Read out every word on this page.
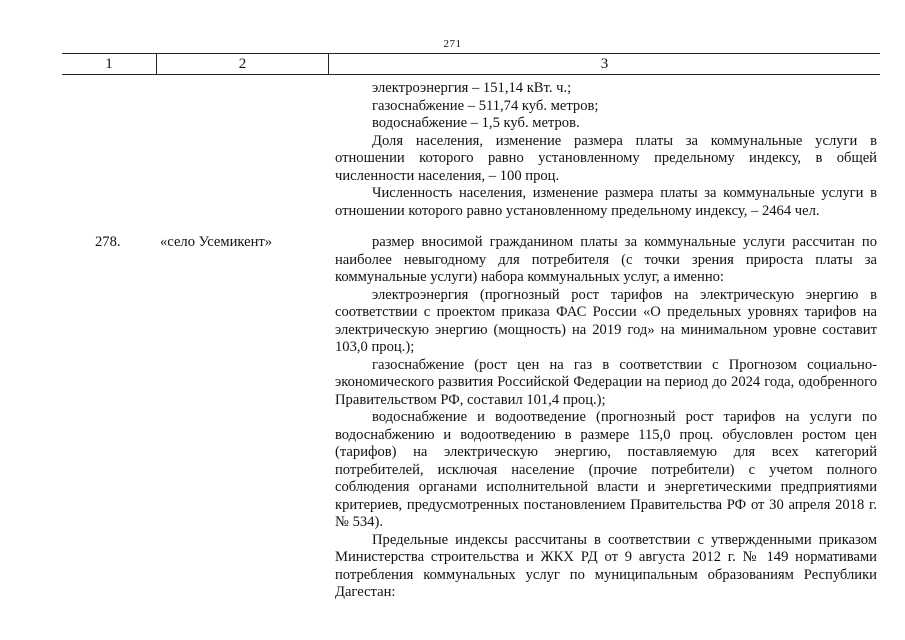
271
1	2	3

электроэнергия – 151,14 кВт. ч.;

газоснабжение – 511,74 куб. метров;

водоснабжение – 1,5 куб. метров.

Доля населения, изменение размера платы за коммунальные услуги в отношении которого равно установленному предельному индексу, в общей численности населения, – 100 проц.

Численность населения, изменение размера платы за коммунальные услуги в отношении которого равно установленному предельному индексу, – 2464 чел.

278.	«село Усемикент»	размер вносимой гражданином платы за коммунальные услуги рассчитан по наиболее невыгодному для потребителя (с точки зрения прироста платы за коммунальные услуги) набора коммунальных услуг, а именно:

электроэнергия (прогнозный рост тарифов на электрическую энергию в соответствии с проектом приказа ФАС России «О предельных уровнях тарифов на электрическую энергию (мощность) на 2019 год» на минимальном уровне составит 103,0 проц.);

газоснабжение (рост цен на газ в соответствии с Прогнозом социально-экономического развития Российской Федерации на период до 2024 года, одобренного Правительством РФ, составил 101,4 проц.);

водоснабжение и водоотведение (прогнозный рост тарифов на услуги по водоснабжению и водоотведению в размере 115,0 проц. обусловлен ростом цен (тарифов) на электрическую энергию, поставляемую для всех категорий потребителей, исключая население (прочие потребители) с учетом полного соблюдения органами исполнительной власти и энергетическими предприятиями критериев, предусмотренных постановлением Правительства РФ от 30 апреля 2018 г. № 534).

Предельные индексы рассчитаны в соответствии с утвержденными приказом Министерства строительства и ЖКХ РД от 9 августа 2012 г. № 149 нормативами потребления коммунальных услуг по муниципальным образованиям Республики Дагестан:
